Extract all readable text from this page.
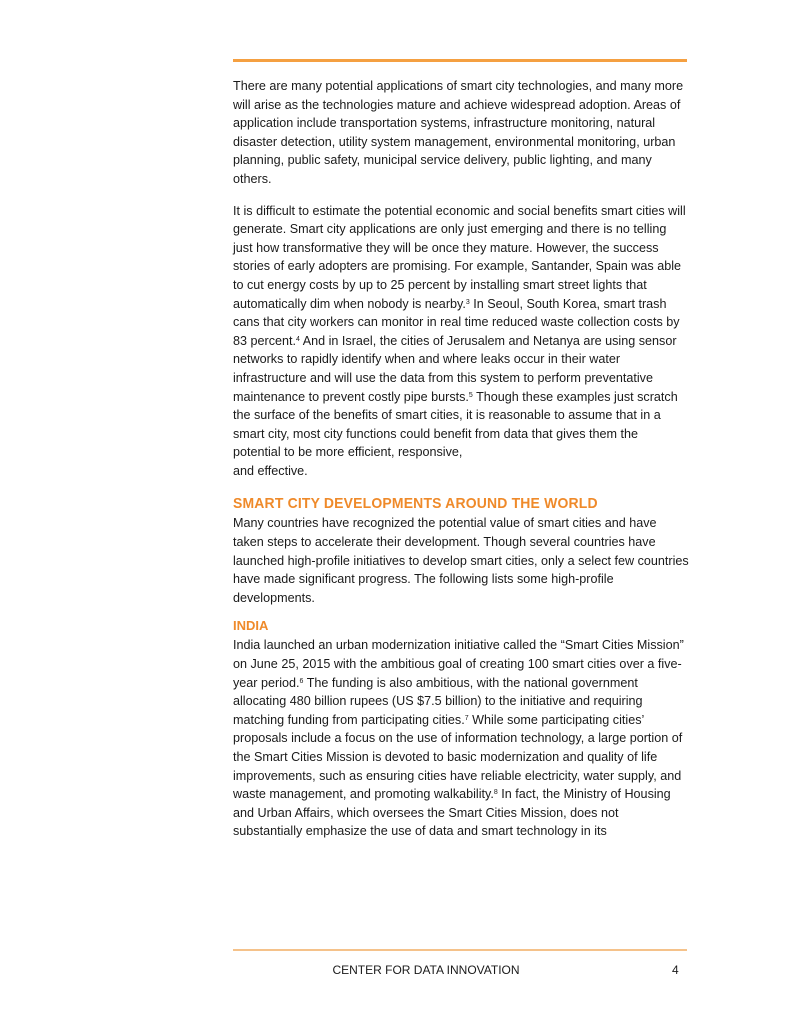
There are many potential applications of smart city technologies, and many more will arise as the technologies mature and achieve widespread adoption. Areas of application include transportation systems, infrastructure monitoring, natural disaster detection, utility system management, environmental monitoring, urban planning, public safety, municipal service delivery, public lighting, and many others.

It is difficult to estimate the potential economic and social benefits smart cities will generate. Smart city applications are only just emerging and there is no telling just how transformative they will be once they mature. However, the success stories of early adopters are promising. For example, Santander, Spain was able to cut energy costs by up to 25 percent by installing smart street lights that automatically dim when nobody is nearby.$^3$ In Seoul, South Korea, smart trash cans that city workers can monitor in real time reduced waste collection costs by 83 percent.$^4$ And in Israel, the cities of Jerusalem and Netanya are using sensor networks to rapidly identify when and where leaks occur in their water infrastructure and will use the data from this system to perform preventative maintenance to prevent costly pipe bursts.$^5$ Though these examples just scratch the surface of the benefits of smart cities, it is reasonable to assume that in a smart city, most city functions could benefit from data that gives them the potential to be more efficient, responsive,
and effective.

SMART CITY DEVELOPMENTS AROUND THE WORLD

Many countries have recognized the potential value of smart cities and have taken steps to accelerate their development. Though several countries have launched high-profile initiatives to develop smart cities, only a select few countries have made significant progress. The following lists some high-profile developments.

INDIA

India launched an urban modernization initiative called the “Smart Cities Mission” on June 25, 2015 with the ambitious goal of creating 100 smart cities over a five-year period.$^6$ The funding is also ambitious, with the national government allocating 480 billion rupees (US $7.5 billion) to the initiative and requiring matching funding from participating cities.$^7$ While some participating cities’ proposals include a focus on the use of information technology, a large portion of the Smart Cities Mission is devoted to basic modernization and quality of life improvements, such as ensuring cities have reliable electricity, water supply, and waste management, and promoting walkability.$^8$ In fact, the Ministry of Housing and Urban Affairs, which oversees the Smart Cities Mission, does not substantially emphasize the use of data and smart technology in its

CENTER FOR DATA INNOVATION	4
